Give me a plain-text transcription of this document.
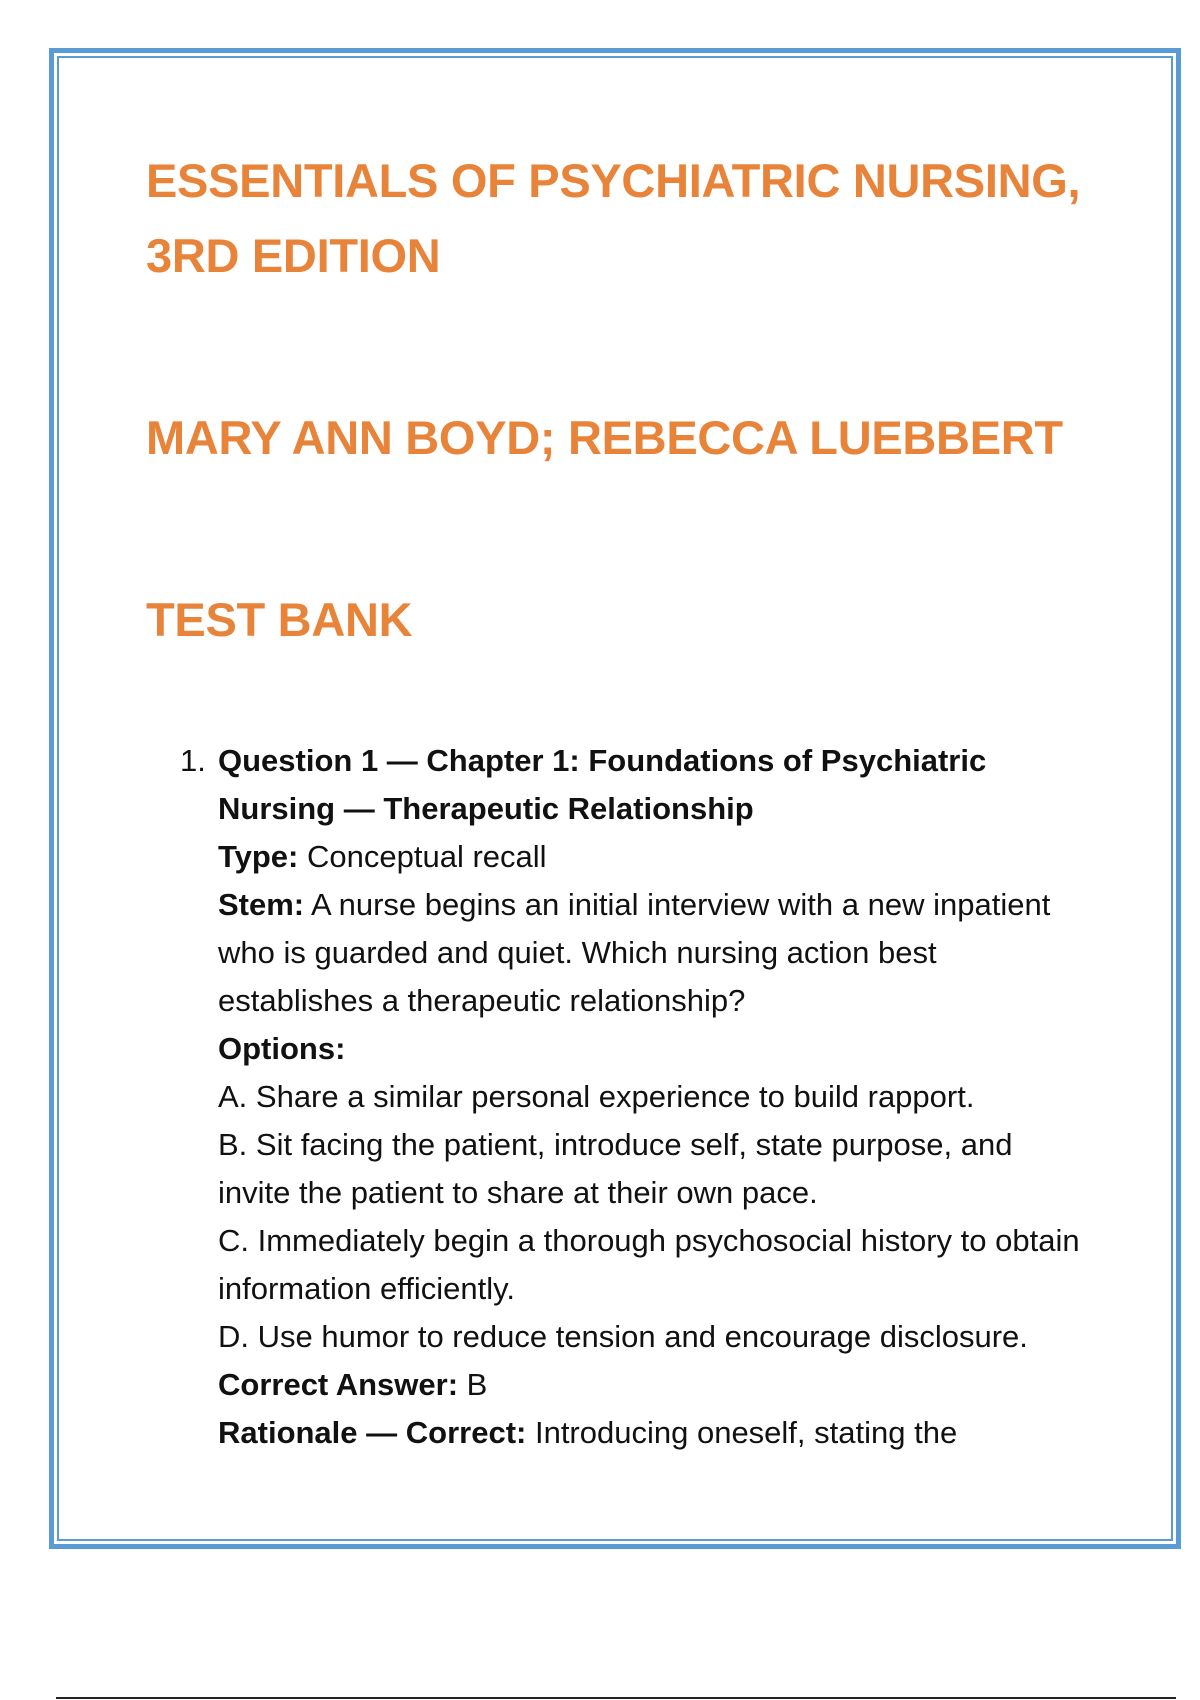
ESSENTIALS OF PSYCHIATRIC NURSING, 3RD EDITION
MARY ANN BOYD; REBECCA LUEBBERT
TEST BANK
1. Question 1 — Chapter 1: Foundations of Psychiatric Nursing — Therapeutic Relationship
Type: Conceptual recall
Stem: A nurse begins an initial interview with a new inpatient who is guarded and quiet. Which nursing action best establishes a therapeutic relationship?
Options:
A. Share a similar personal experience to build rapport.
B. Sit facing the patient, introduce self, state purpose, and invite the patient to share at their own pace.
C. Immediately begin a thorough psychosocial history to obtain information efficiently.
D. Use humor to reduce tension and encourage disclosure.
Correct Answer: B
Rationale — Correct: Introducing oneself, stating the
